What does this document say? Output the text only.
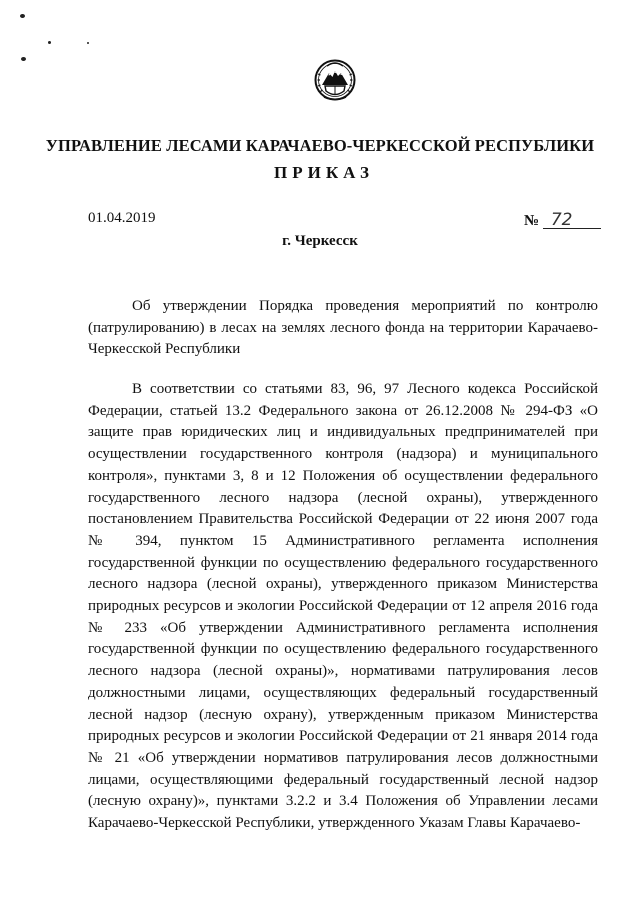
УПРАВЛЕНИЕ ЛЕСАМИ КАРАЧАЕВО-ЧЕРКЕССКОЙ РЕСПУБЛИКИ
ПРИКАЗ
01.04.2019	№ 72
г. Черкесск

Об утверждении Порядка проведения мероприятий по контролю (патрулированию) в лесах на землях лесного фонда на территории Карачаево-Черкесской Республики

В соответствии со статьями 83, 96, 97 Лесного кодекса Российской Федерации, статьей 13.2 Федерального закона от 26.12.2008 № 294-ФЗ «О защите прав юридических лиц и индивидуальных предпринимателей при осуществлении государственного контроля (надзора) и муниципального контроля», пунктами 3, 8 и 12 Положения об осуществлении федерального государственного лесного надзора (лесной охраны), утвержденного постановлением Правительства Российской Федерации от 22 июня 2007 года № 394, пунктом 15 Административного регламента исполнения государственной функции по осуществлению федерального государственного лесного надзора (лесной охраны), утвержденного приказом Министерства природных ресурсов и экологии Российской Федерации от 12 апреля 2016 года № 233 «Об утверждении Административного регламента исполнения государственной функции по осуществлению федерального государственного лесного надзора (лесной охраны)», нормативами патрулирования лесов должностными лицами, осуществляющих федеральный государственный лесной надзор (лесную охрану), утвержденным приказом Министерства природных ресурсов и экологии Российской Федерации от 21 января 2014 года № 21 «Об утверждении нормативов патрулирования лесов должностными лицами, осуществляющими федеральный государственный лесной надзор (лесную охрану)», пунктами 3.2.2 и 3.4 Положения об Управлении лесами Карачаево-Черкесской Республики, утвержденного Указам Главы Карачаево-
